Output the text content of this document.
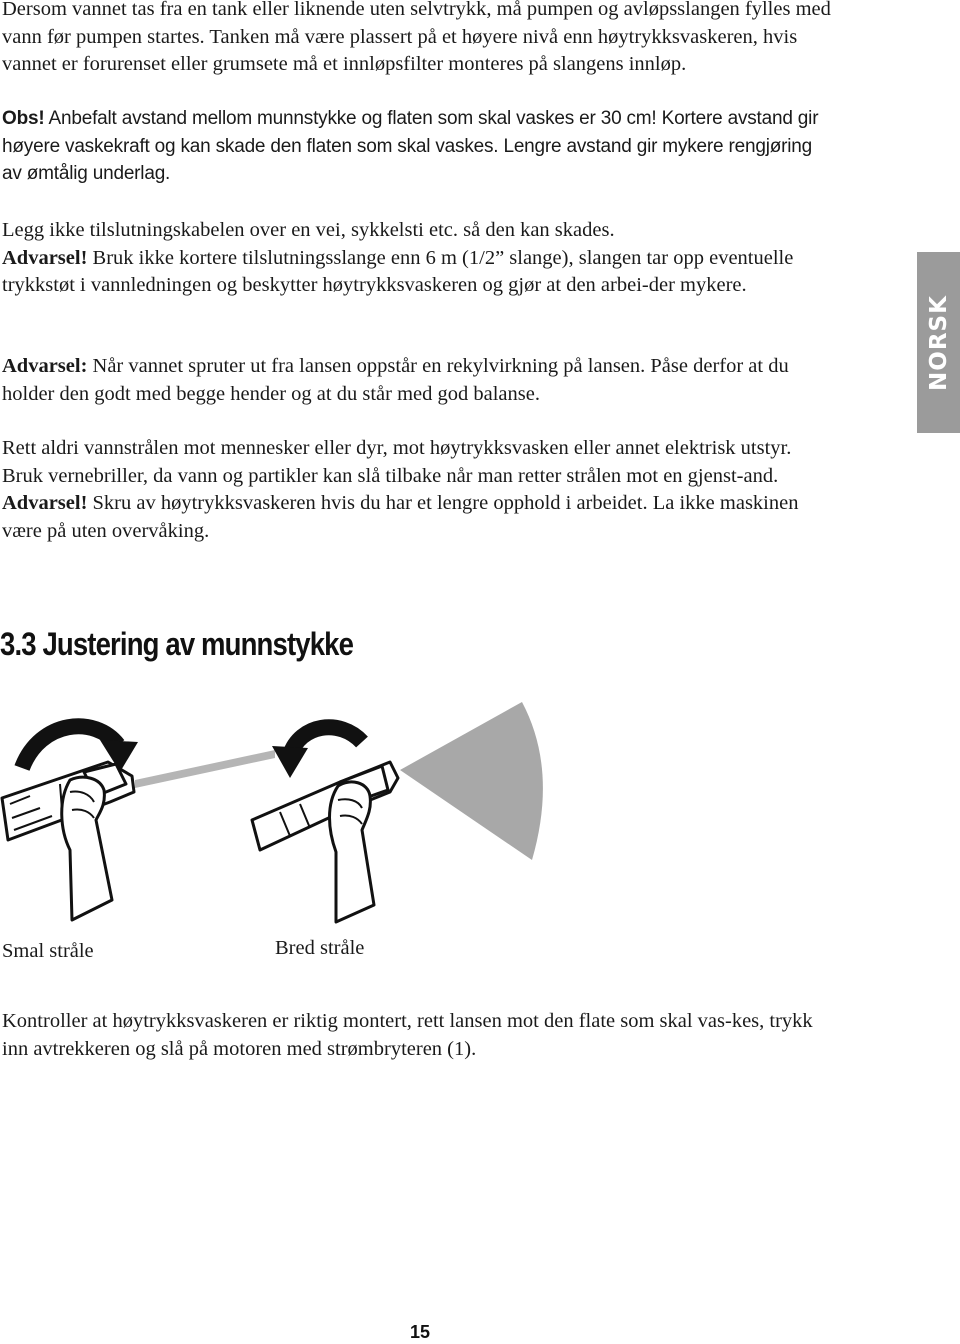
Dersom vannet tas fra en tank eller liknende uten selvtrykk, må pumpen og avløpsslangen fylles med vann før pumpen startes. Tanken må være plassert på et høyere nivå enn høytrykksvaskeren, hvis vannet er forurenset eller grumsete må et innløpsfilter monteres på slangens innløp.

Obs! Anbefalt avstand mellom munnstykke og flaten som skal vaskes er 30 cm! Kortere avstand gir høyere vaskekraft og kan skade den flaten som skal vaskes. Lengre avstand gir mykere rengjøring av ømtålig underlag.

Legg ikke tilslutningskabelen over en vei, sykkelsti etc. så den kan skades.

Advarsel! Bruk ikke kortere tilslutningsslange enn 6 m (1/2” slange), slangen tar opp eventuelle trykkstøt i vannledningen og beskytter høytrykksvaskeren og gjør at den arbei-der mykere.

Advarsel: Når vannet spruter ut fra lansen oppstår en rekylvirkning på lansen. Påse derfor at du holder den godt med begge hender og at du står med god balanse.

Rett aldri vannstrålen mot mennesker eller dyr, mot høytrykksvasken eller annet elektrisk utstyr.

Bruk vernebriller, da vann og partikler kan slå tilbake når man retter strålen mot en gjenst-and.

Advarsel! Skru av høytrykksvaskeren hvis du har et lengre opphold i arbeidet. La ikke maskinen være på uten overvåking.

3.3 Justering av munnstykke
NORSK
Smal stråle	Bred stråle

Kontroller at høytrykksvaskeren er riktig montert, rett lansen mot den flate som skal vas-kes, trykk inn avtrekkeren og slå på motoren med strømbryteren (1).

15
